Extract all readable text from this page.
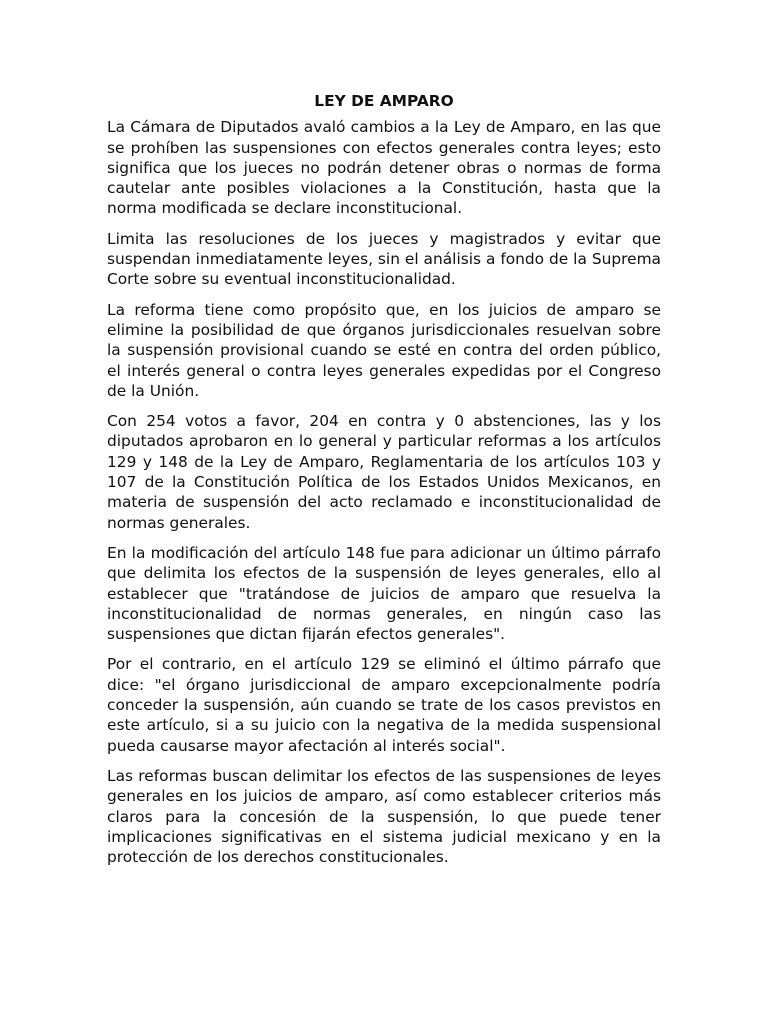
LEY DE AMPARO

La Cámara de Diputados avaló cambios a la Ley de Amparo, en las que se prohíben las suspensiones con efectos generales contra leyes; esto significa que los jueces no podrán detener obras o normas de forma cautelar ante posibles violaciones a la Constitución, hasta que la norma modificada se declare inconstitucional.

Limita las resoluciones de los jueces y magistrados y evitar que suspendan inmediatamente leyes, sin el análisis a fondo de la Suprema Corte sobre su eventual inconstitucionalidad.

La reforma tiene como propósito que, en los juicios de amparo se elimine la posibilidad de que órganos jurisdiccionales resuelvan sobre la suspensión provisional cuando se esté en contra del orden público, el interés general o contra leyes generales expedidas por el Congreso de la Unión.

Con 254 votos a favor, 204 en contra y 0 abstenciones, las y los diputados aprobaron en lo general y particular reformas a los artículos 129 y 148 de la Ley de Amparo, Reglamentaria de los artículos 103 y 107 de la Constitución Política de los Estados Unidos Mexicanos, en materia de suspensión del acto reclamado e inconstitucionalidad de normas generales.

En la modificación del artículo 148 fue para adicionar un último párrafo que delimita los efectos de la suspensión de leyes generales, ello al establecer que "tratándose de juicios de amparo que resuelva la inconstitucionalidad de normas generales, en ningún caso las suspensiones que dictan fijarán efectos generales".

Por el contrario, en el artículo 129 se eliminó el último párrafo que dice: "el órgano jurisdiccional de amparo excepcionalmente podría conceder la suspensión, aún cuando se trate de los casos previstos en este artículo, si a su juicio con la negativa de la medida suspensional pueda causarse mayor afectación al interés social".

Las reformas buscan delimitar los efectos de las suspensiones de leyes generales en los juicios de amparo, así como establecer criterios más claros para la concesión de la suspensión, lo que puede tener implicaciones significativas en el sistema judicial mexicano y en la protección de los derechos constitucionales.
